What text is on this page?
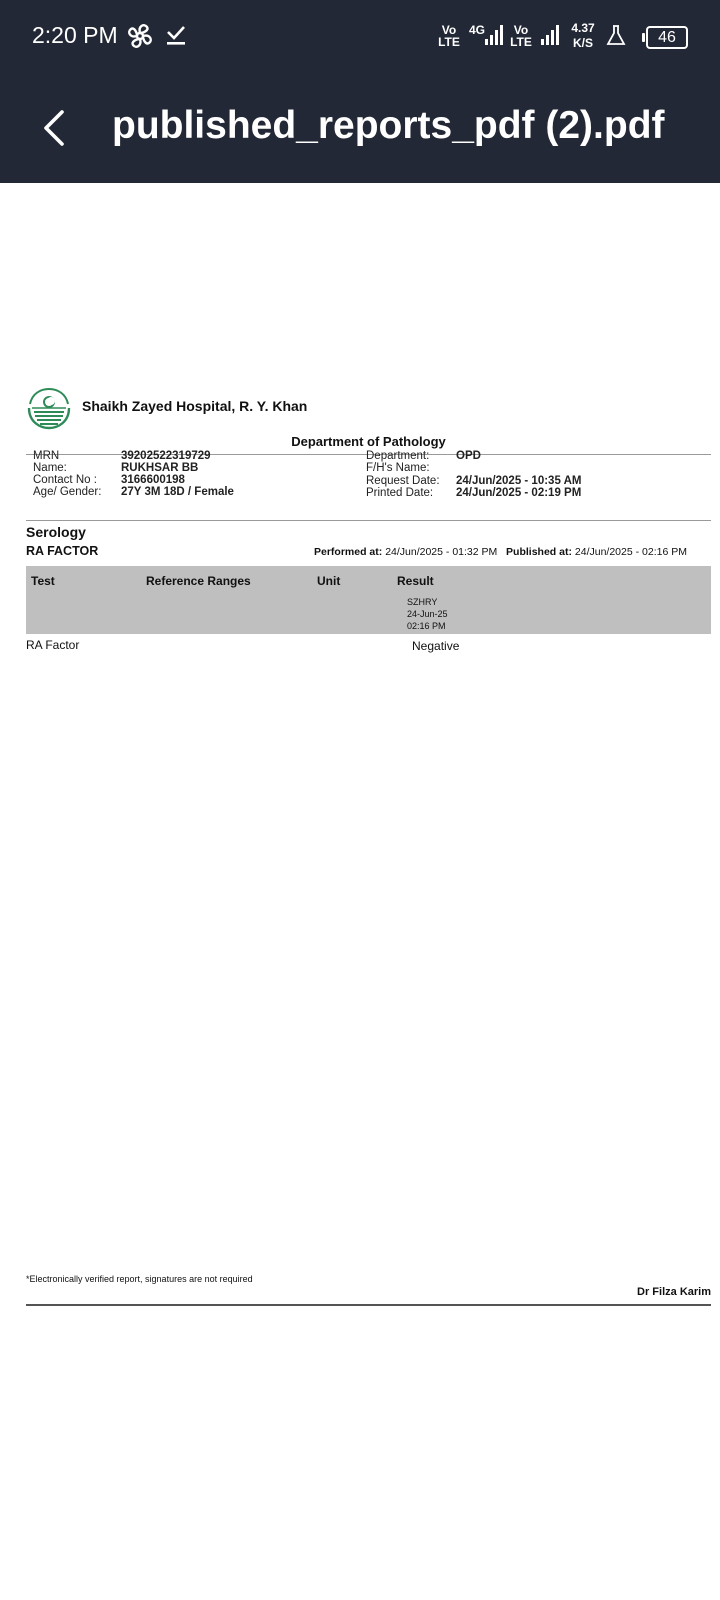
2:20 PM	Vo LTE
4G	Vo LTE
4.37
K/S	46
published_reports_pdf (2).pdf
Shaikh Zayed Hospital, R. Y. Khan
Department of Pathology
MRN	39202522319729
Name:	RUKHSAR BB
Contact No : 3166600198
Age/ Gender: 27Y 3M 18D / Female
Department: OPD
F/H's Name:
Request Date: 24/Jun/2025 - 10:35 AM
Printed Date: 24/Jun/2025 - 02:19 PM
Serology
RA FACTOR	Performed at: 24/Jun/2025 - 01:32 PM Published at: 24/Jun/2025 - 02:16 PM
Test	Reference Ranges	Unit	Result
SZHRY
24-Jun-25
02:16 PM
RA Factor	Negative
*Electronically verified report, signatures are not required
Dr Filza Karim
